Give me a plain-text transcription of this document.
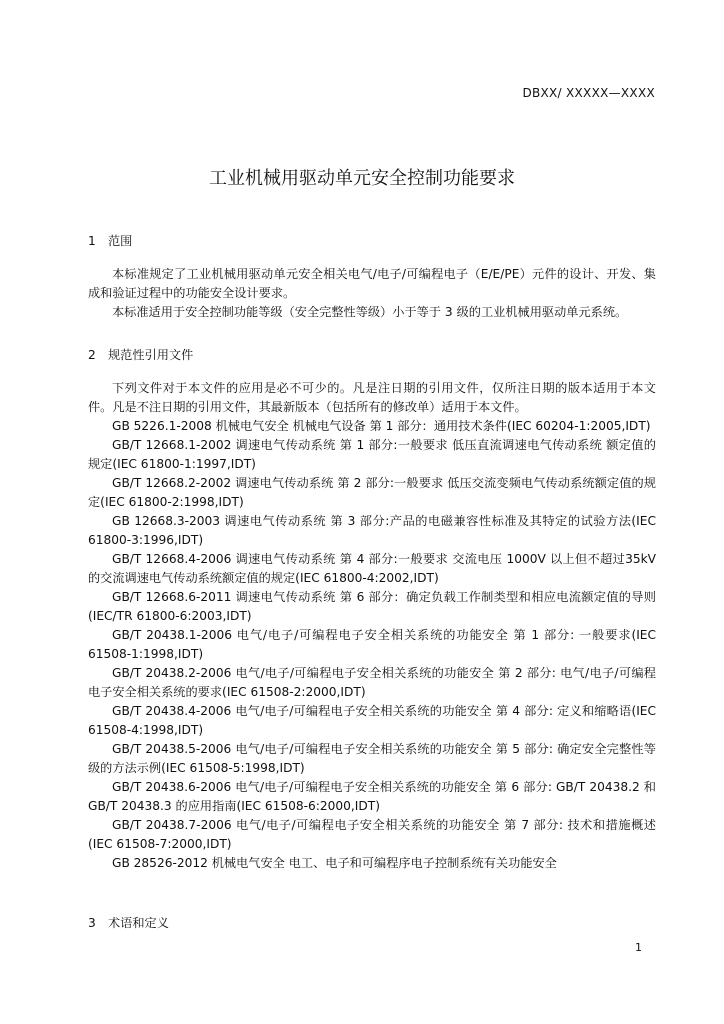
DBXX/ XXXXX—XXXX
工业机械用驱动单元安全控制功能要求
1 范围

本标准规定了工业机械用驱动单元安全相关电气/电子/可编程电子（E/E/PE）元件的设计、开发、集成和验证过程中的功能安全设计要求。

本标准适用于安全控制功能等级（安全完整性等级）小于等于 3 级的工业机械用驱动单元系统。

2 规范性引用文件

下列文件对于本文件的应用是必不可少的。凡是注日期的引用文件，仅所注日期的版本适用于本文件。凡是不注日期的引用文件，其最新版本（包括所有的修改单）适用于本文件。

GB 5226.1-2008 机械电气安全 机械电气设备 第 1 部分：通用技术条件(IEC 60204-1:2005,IDT)

GB/T 12668.1-2002 调速电气传动系统 第 1 部分:一般要求 低压直流调速电气传动系统 额定值的规定(IEC 61800-1:1997,IDT)

GB/T 12668.2-2002 调速电气传动系统 第 2 部分:一般要求 低压交流变频电气传动系统额定值的规定(IEC 61800-2:1998,IDT)

GB 12668.3-2003 调速电气传动系统 第 3 部分:产品的电磁兼容性标准及其特定的试验方法(IEC 61800-3:1996,IDT)

GB/T 12668.4-2006 调速电气传动系统 第 4 部分:一般要求 交流电压 1000V 以上但不超过35kV 的交流调速电气传动系统额定值的规定(IEC 61800-4:2002,IDT)

GB/T 12668.6-2011 调速电气传动系统 第 6 部分：确定负载工作制类型和相应电流额定值的导则(IEC/TR 61800-6:2003,IDT)

GB/T 20438.1-2006 电气/电子/可编程电子安全相关系统的功能安全 第 1 部分: 一般要求(IEC 61508-1:1998,IDT)

GB/T 20438.2-2006 电气/电子/可编程电子安全相关系统的功能安全 第 2 部分: 电气/电子/可编程电子安全相关系统的要求(IEC 61508-2:2000,IDT)

GB/T 20438.4-2006 电气/电子/可编程电子安全相关系统的功能安全 第 4 部分: 定义和缩略语(IEC 61508-4:1998,IDT)

GB/T 20438.5-2006 电气/电子/可编程电子安全相关系统的功能安全 第 5 部分: 确定安全完整性等级的方法示例(IEC 61508-5:1998,IDT)

GB/T 20438.6-2006 电气/电子/可编程电子安全相关系统的功能安全 第 6 部分: GB/T 20438.2 和 GB/T 20438.3 的应用指南(IEC 61508-6:2000,IDT)

GB/T 20438.7-2006 电气/电子/可编程电子安全相关系统的功能安全 第 7 部分: 技术和措施概述(IEC 61508-7:2000,IDT)

GB 28526-2012 机械电气安全 电工、电子和可编程序电子控制系统有关功能安全

3 术语和定义
1
